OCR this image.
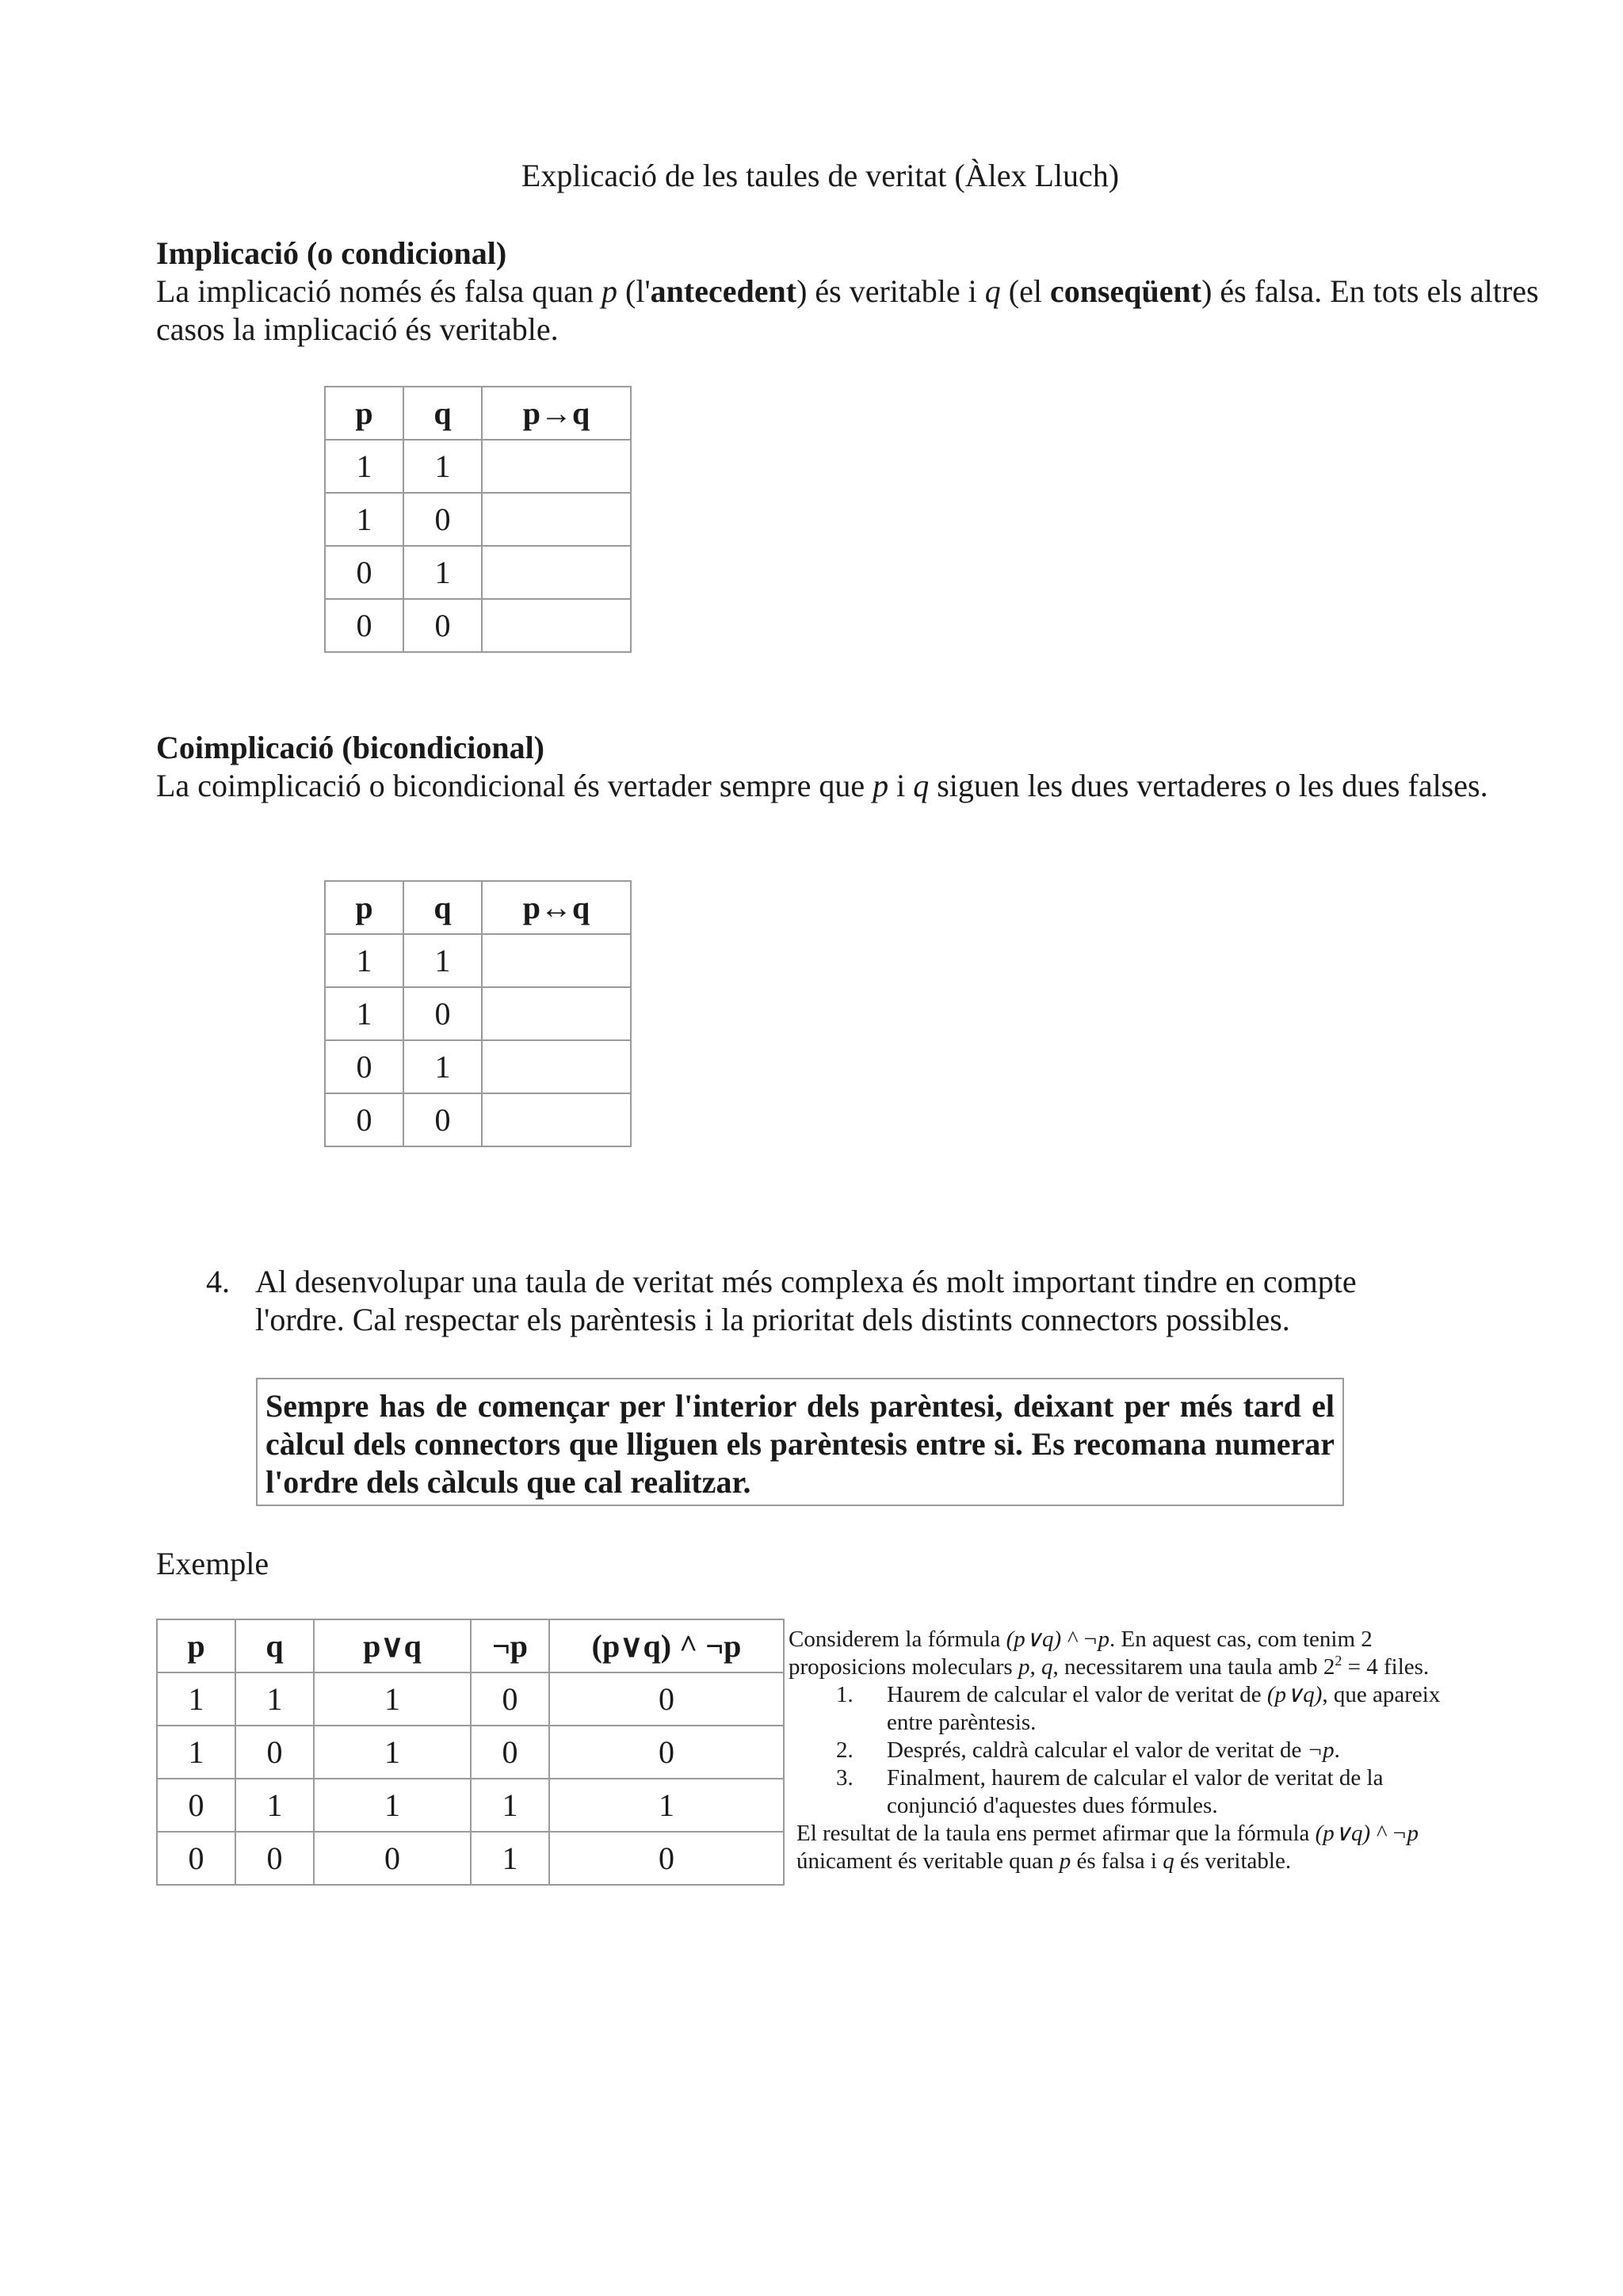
Explicació de les taules de veritat (Àlex Lluch)
Implicació (o condicional)
La implicació només és falsa quan p (l'antecedent) és veritable i q (el conseqüent) és falsa. En tots els altres casos la implicació és veritable.
p	q	p→q
1	1	
1	0	
0	1	
0	0	
Coimplicació (bicondicional)
La coimplicació o bicondicional és vertader sempre que p i q siguen les dues vertaderes o les dues falses.
p	q	p↔q
1	1	
1	0	
0	1	
0	0	
4. Al desenvolupar una taula de veritat més complexa és molt important tindre en compte l'ordre. Cal respectar els parèntesis i la prioritat dels distints connectors possibles.
Sempre has de començar per l'interior dels parèntesi, deixant per més tard el càlcul dels connectors que lliguen els parèntesis entre si. Es recomana numerar l'ordre dels càlculs que cal realitzar.
Exemple
p	q	p∨q	¬p	(p∨q) ^ ¬p
1	1	1	0	0
1	0	1	0	0
0	1	1	1	1
0	0	0	1	0
Considerem la fórmula (p∨q) ^ ¬p. En aquest cas, com tenim 2 proposicions moleculars p, q, necessitarem una taula amb $2^2 = 4$ files.
1. Haurem de calcular el valor de veritat de (p∨q), que apareix entre parèntesis.
2. Després, caldrà calcular el valor de veritat de ¬p.
3. Finalment, haurem de calcular el valor de veritat de la conjunció d'aquestes dues fórmules.
El resultat de la taula ens permet afirmar que la fórmula (p∨q) ^ ¬p únicament és veritable quan p és falsa i q és veritable.
